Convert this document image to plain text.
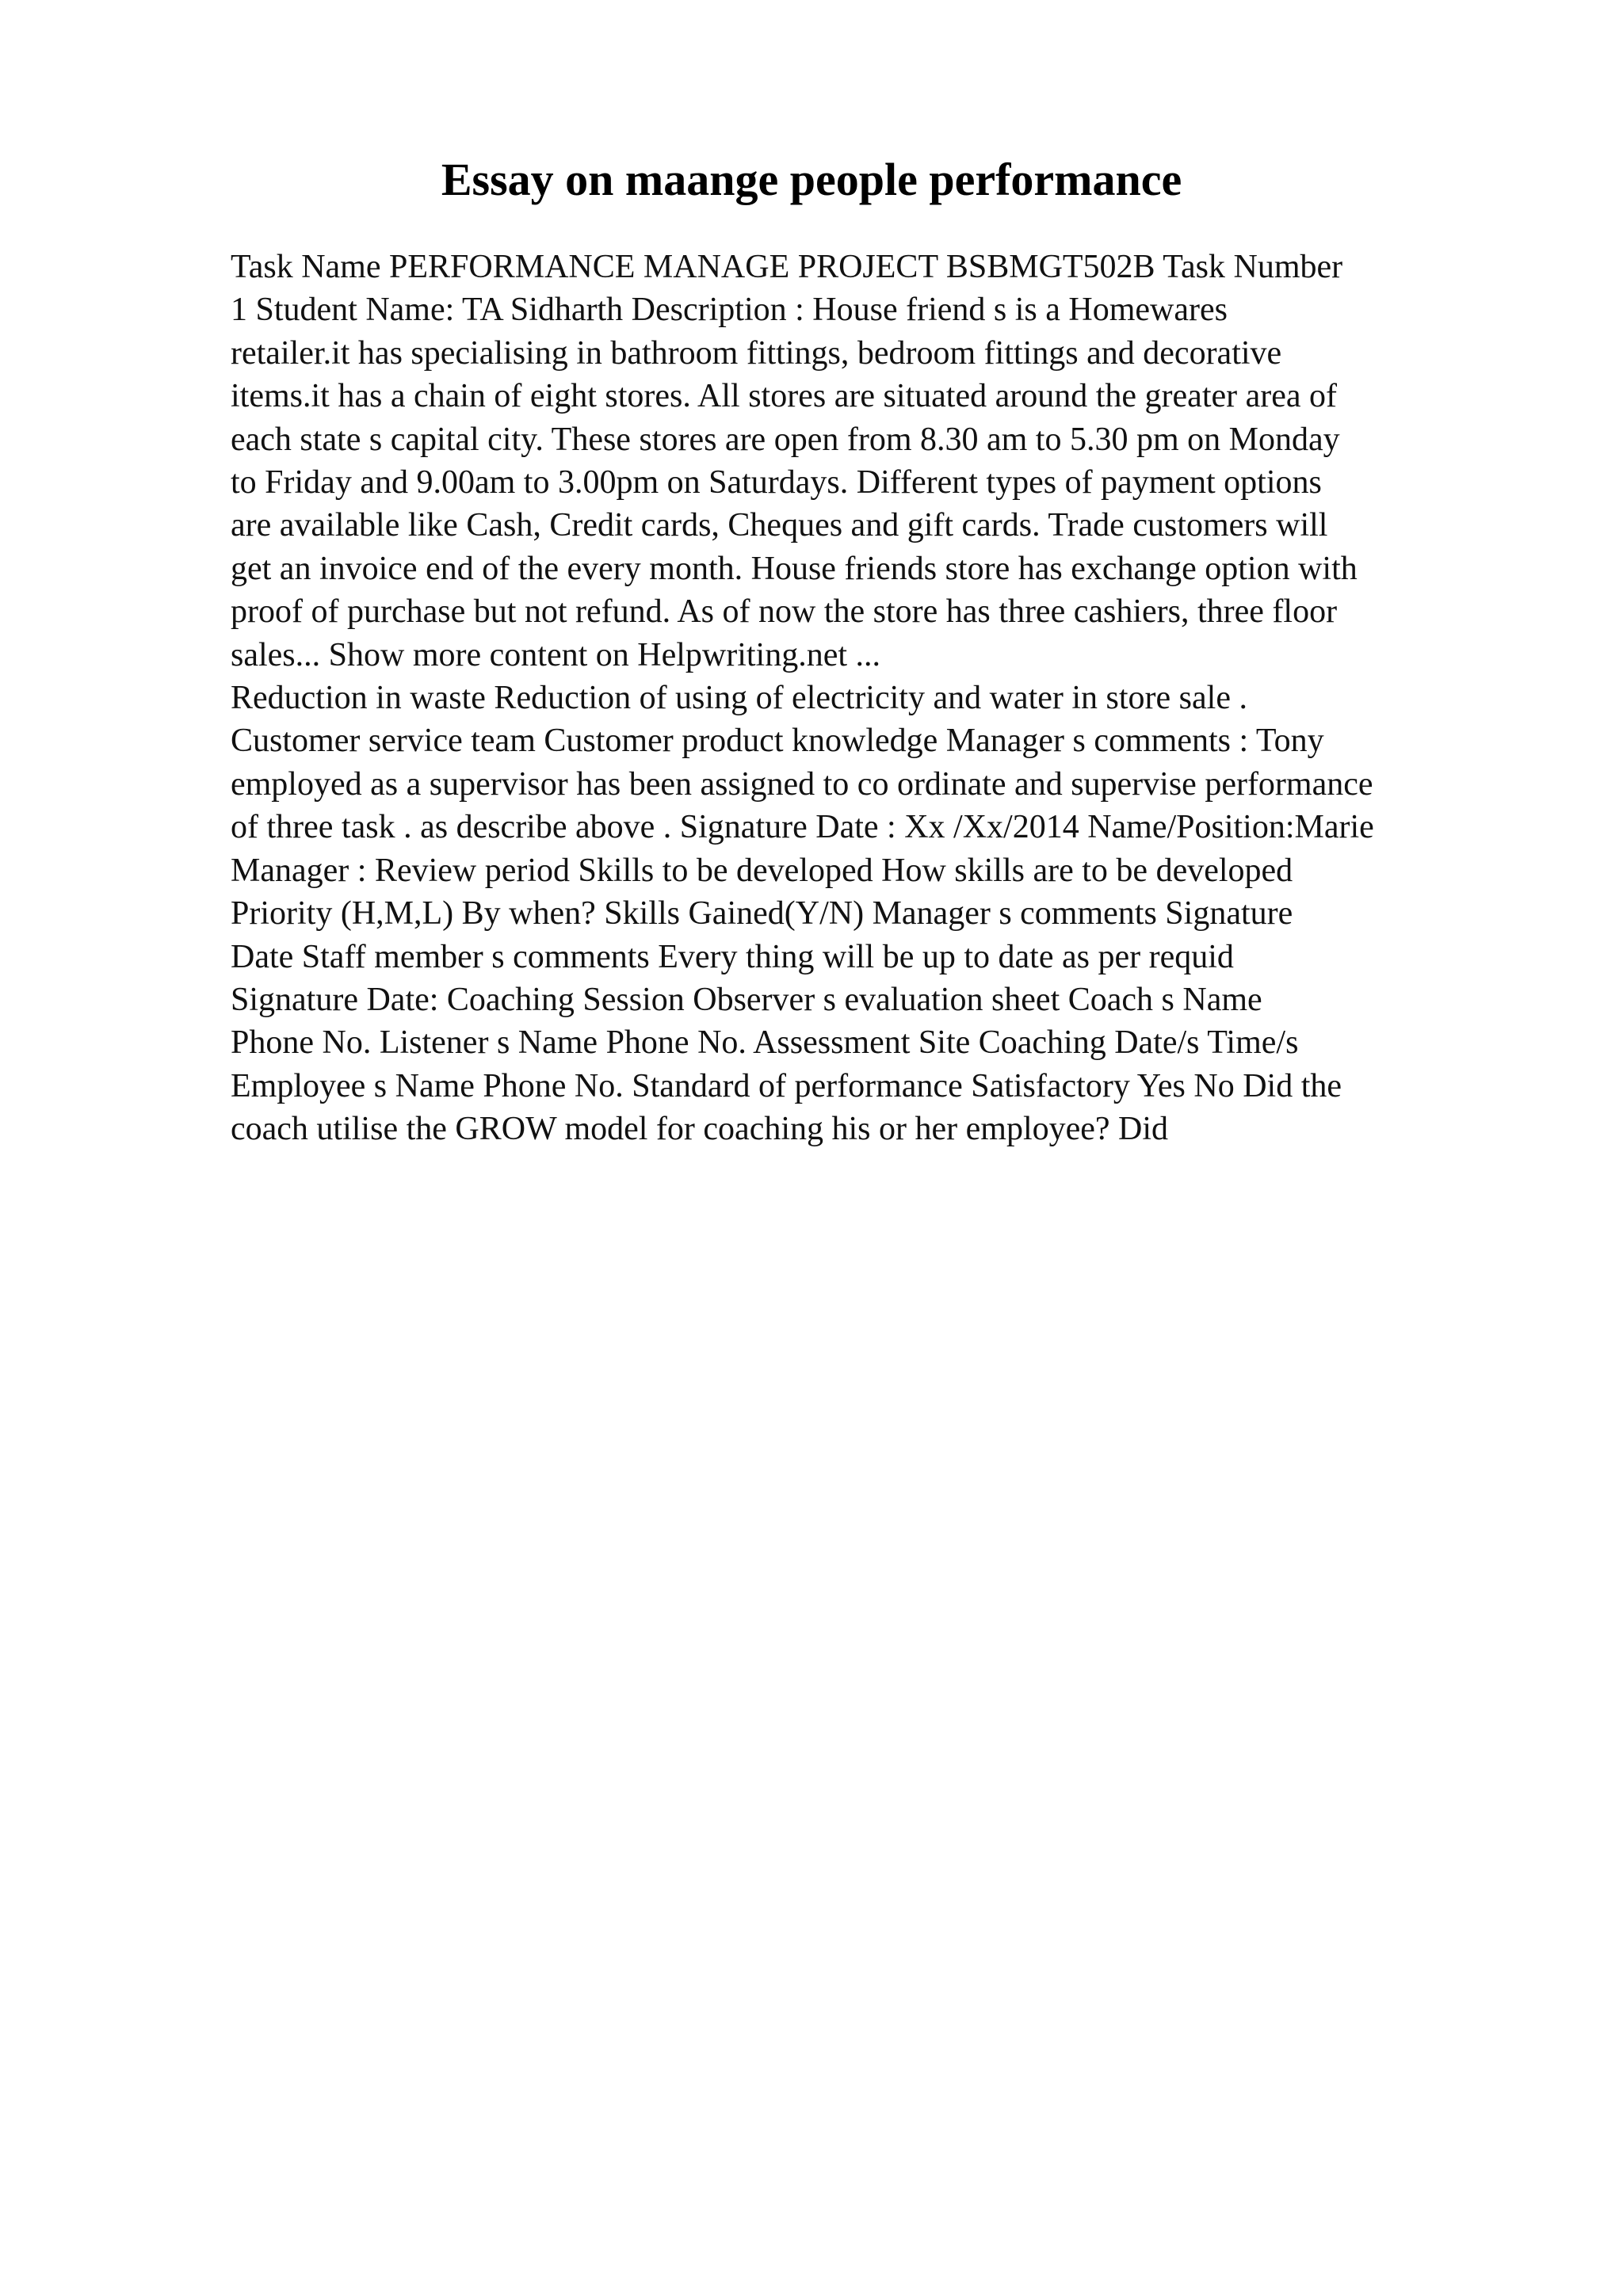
Essay on maange people performance
Task Name PERFORMANCE MANAGE PROJECT BSBMGT502B Task Number
1 Student Name: TA Sidharth Description : House friend s is a Homewares
retailer.it has specialising in bathroom fittings, bedroom fittings and decorative
items.it has a chain of eight stores. All stores are situated around the greater area of
each state s capital city. These stores are open from 8.30 am to 5.30 pm on Monday
to Friday and 9.00am to 3.00pm on Saturdays. Different types of payment options
are available like Cash, Credit cards, Cheques and gift cards. Trade customers will
get an invoice end of the every month. House friends store has exchange option with
proof of purchase but not refund. As of now the store has three cashiers, three floor
sales... Show more content on Helpwriting.net ...
Reduction in waste Reduction of using of electricity and water in store sale .
Customer service team Customer product knowledge Manager s comments : Tony
employed as a supervisor has been assigned to co ordinate and supervise performance
of three task . as describe above . Signature Date : Xx /Xx/2014 Name/Position:Marie
Manager : Review period Skills to be developed How skills are to be developed
Priority (H,M,L) By when? Skills Gained(Y/N) Manager s comments Signature
Date Staff member s comments Every thing will be up to date as per requid
Signature Date: Coaching Session Observer s evaluation sheet Coach s Name
Phone No. Listener s Name Phone No. Assessment Site Coaching Date/s Time/s
Employee s Name Phone No. Standard of performance Satisfactory Yes No Did the
coach utilise the GROW model for coaching his or her employee? Did
